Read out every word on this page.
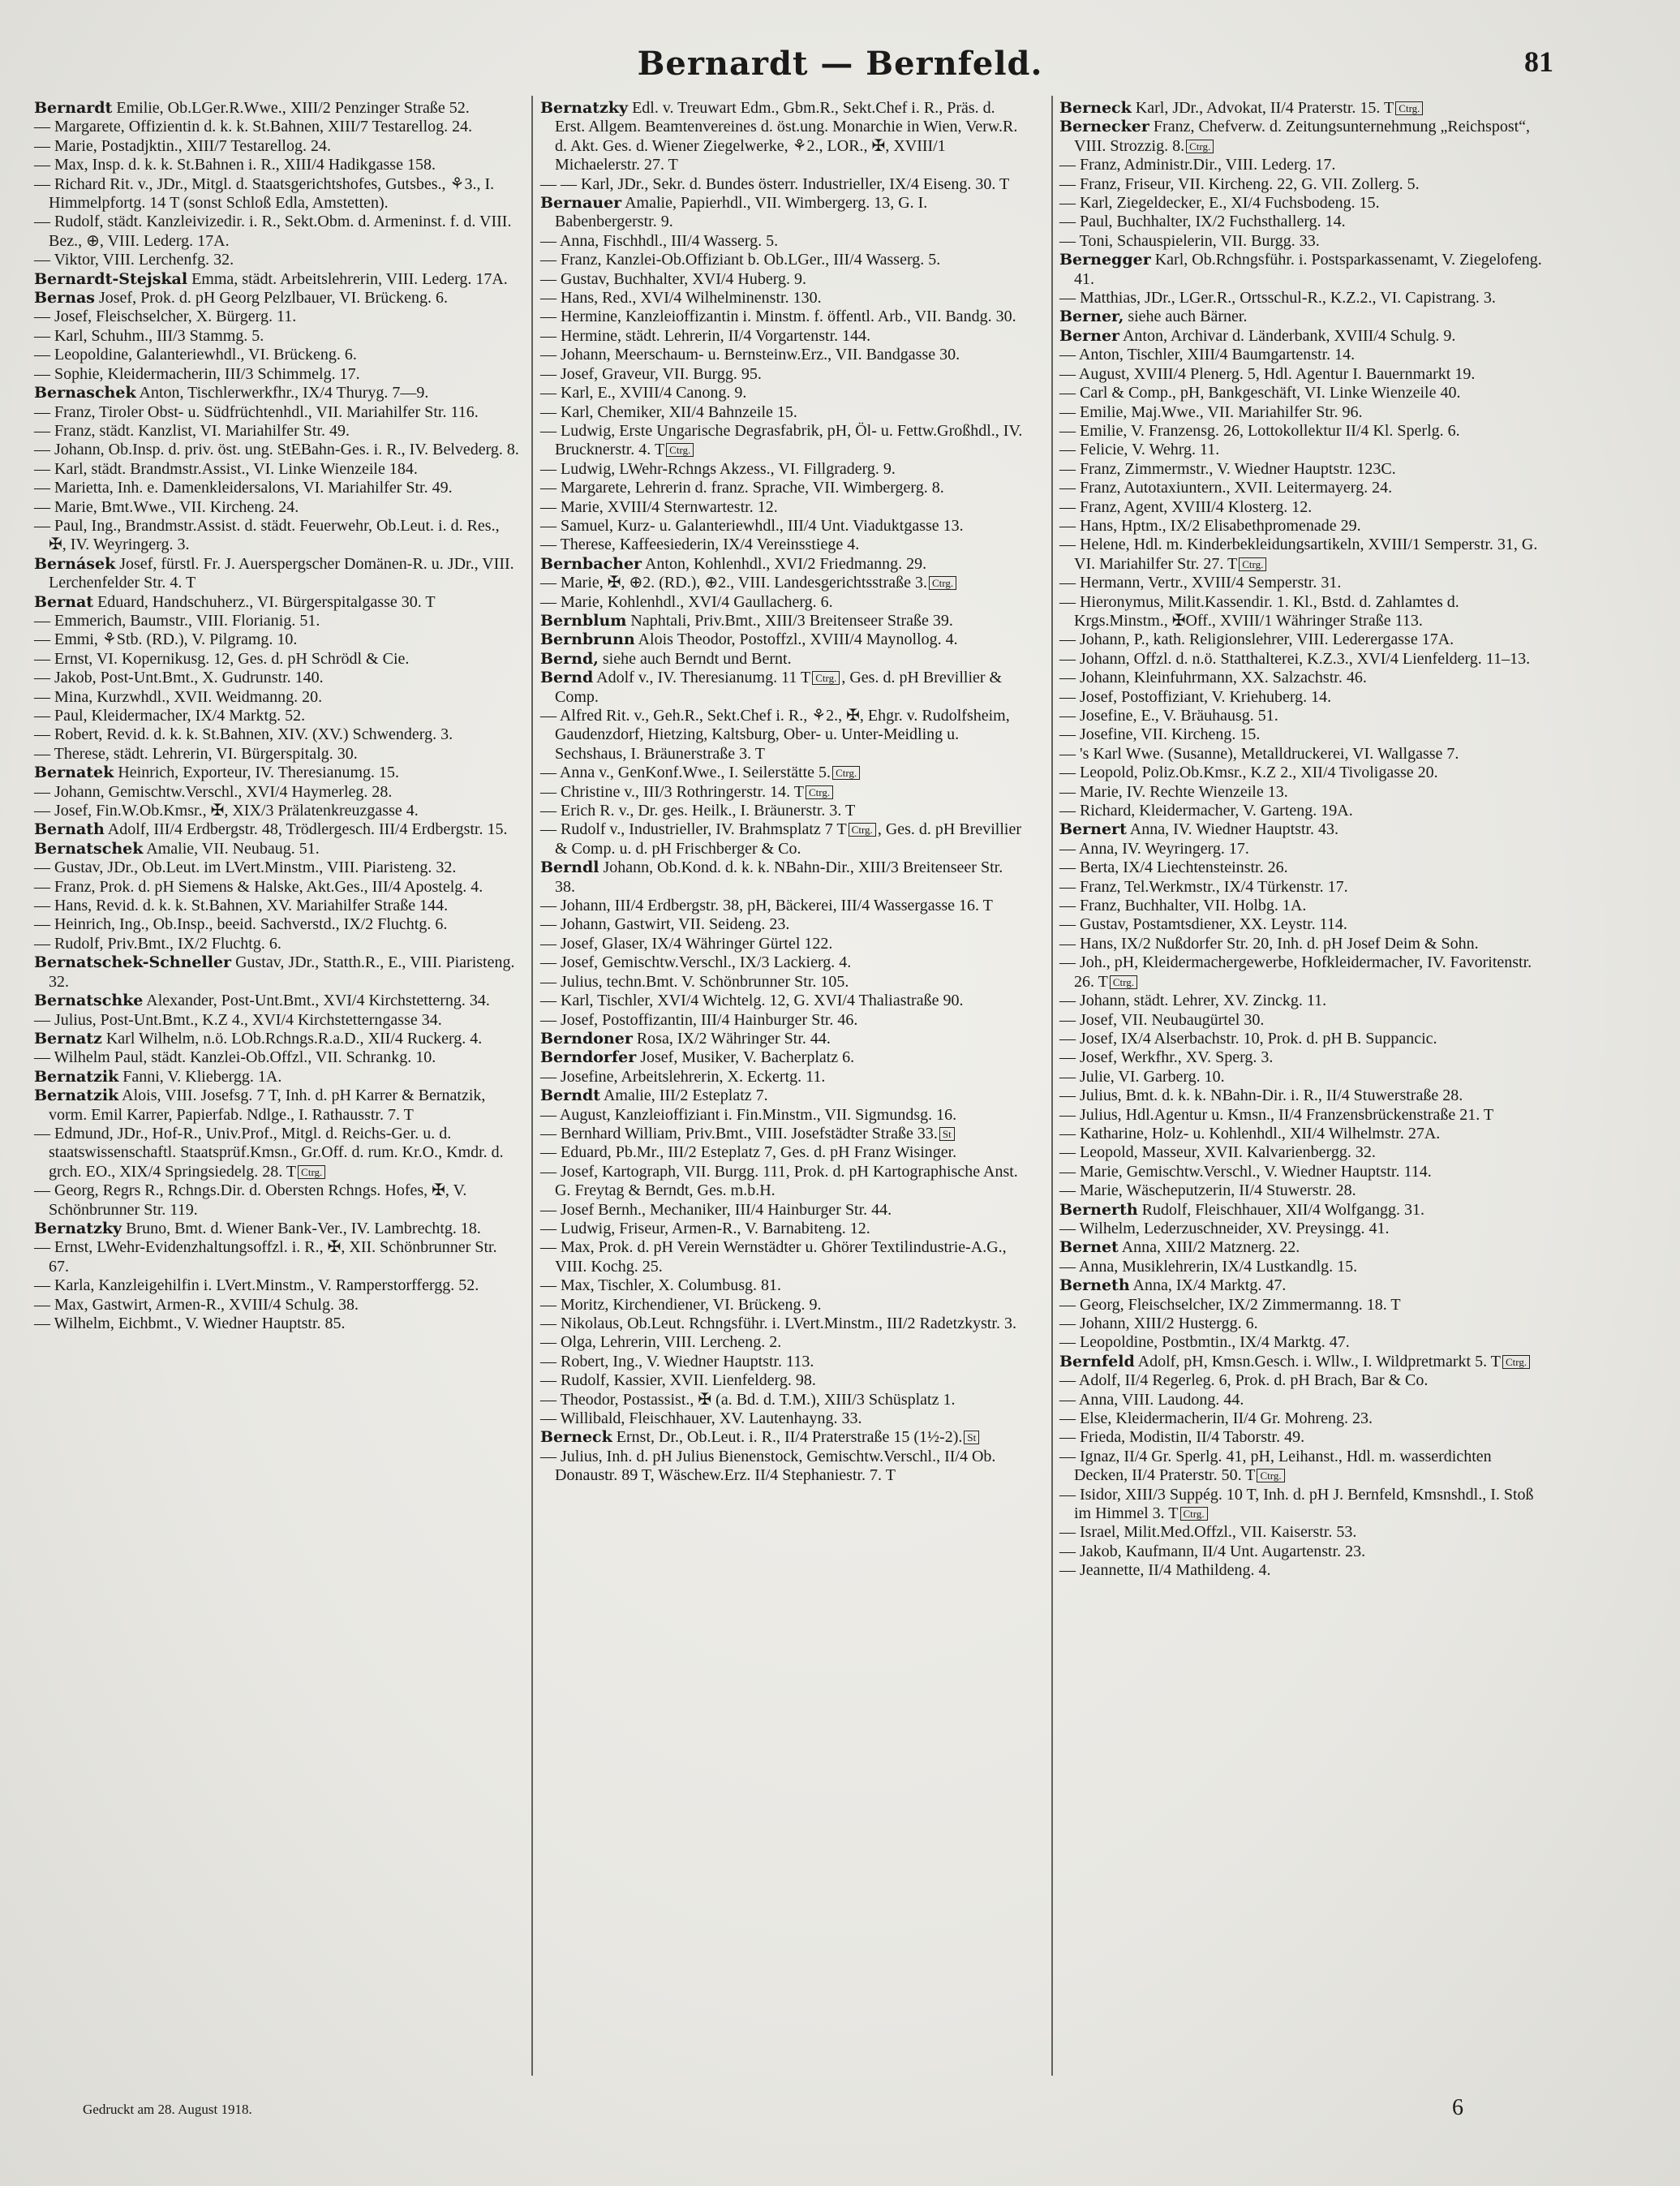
Bernardt — Bernfeld.	81
Bernardt Emilie, Ob.LGer.R.Wwe., XIII/2 Penzinger Straße 52.
— Margarete, Offizientin d. k. k. St.Bahnen, XIII/7 Testarellog. 24.
— Marie, Postadjktin., XIII/7 Testarellog. 24.
— Max, Insp. d. k. k. St.Bahnen i. R., XIII/4 Hadikgasse 158.
— Richard Rit. v., JDr., Mitgl. d. Staatsgerichtshofes, Gutsbes., ⚘3., I. Himmelpfortg. 14 T (sonst Schloß Edla, Amstetten).
— Rudolf, städt. Kanzleivizedir. i. R., Sekt.Obm. d. Armeninst. f. d. VIII. Bez., ⊕, VIII. Lederg. 17A.
— Viktor, VIII. Lerchenfg. 32.
Bernardt-Stejskal Emma, städt. Arbeitslehrerin, VIII. Lederg. 17A.
Bernas Josef, Prok. d. pH Georg Pelzlbauer, VI. Brückeng. 6.
— Josef, Fleischselcher, X. Bürgerg. 11.
— Karl, Schuhm., III/3 Stammg. 5.
— Leopoldine, Galanteriewhdl., VI. Brückeng. 6.
— Sophie, Kleidermacherin, III/3 Schimmelg. 17.
Bernaschek Anton, Tischlerwerkfhr., IX/4 Thuryg. 7—9.
— Franz, Tiroler Obst- u. Südfrüchtenhdl., VII. Mariahilfer Str. 116.
— Franz, städt. Kanzlist, VI. Mariahilfer Str. 49.
— Johann, Ob.Insp. d. priv. öst. ung. StEBahn-Ges. i. R., IV. Belvederg. 8.
— Karl, städt. Brandmstr.Assist., VI. Linke Wienzeile 184.
— Marietta, Inh. e. Damenkleidersalons, VI. Mariahilfer Str. 49.
— Marie, Bmt.Wwe., VII. Kircheng. 24.
— Paul, Ing., Brandmstr.Assist. d. städt. Feuerwehr, Ob.Leut. i. d. Res., ✠, IV. Weyringerg. 3.
Bernásek Josef, fürstl. Fr. J. Auerspergscher Domänen-R. u. JDr., VIII. Lerchenfelder Str. 4. T
Bernat Eduard, Handschuherz., VI. Bürgerspitalgasse 30. T
— Emmerich, Baumstr., VIII. Florianig. 51.
— Emmi, ⚘Stb. (RD.), V. Pilgramg. 10.
— Ernst, VI. Kopernikusg. 12, Ges. d. pH Schrödl & Cie.
— Jakob, Post-Unt.Bmt., X. Gudrunstr. 140.
— Mina, Kurzwhdl., XVII. Weidmanng. 20.
— Paul, Kleidermacher, IX/4 Marktg. 52.
— Robert, Revid. d. k. k. St.Bahnen, XIV. (XV.) Schwenderg. 3.
— Therese, städt. Lehrerin, VI. Bürgerspitalg. 30.
Bernatek Heinrich, Exporteur, IV. Theresianumg. 15.
— Johann, Gemischtw.Verschl., XVI/4 Haymerleg. 28.
— Josef, Fin.W.Ob.Kmsr., ✠, XIX/3 Prälatenkreuzgasse 4.
Bernath Adolf, III/4 Erdbergstr. 48, Trödlergesch. III/4 Erdbergstr. 15.
Bernatschek Amalie, VII. Neubaug. 51.
— Gustav, JDr., Ob.Leut. im LVert.Minstm., VIII. Piaristeng. 32.
— Franz, Prok. d. pH Siemens & Halske, Akt.Ges., III/4 Apostelg. 4.
— Hans, Revid. d. k. k. St.Bahnen, XV. Mariahilfer Straße 144.
— Heinrich, Ing., Ob.Insp., beeid. Sachverstd., IX/2 Fluchtg. 6.
— Rudolf, Priv.Bmt., IX/2 Fluchtg. 6.
Bernatschek-Schneller Gustav, JDr., Statth.R., E., VIII. Piaristeng. 32.
Bernatschke Alexander, Post-Unt.Bmt., XVI/4 Kirchstetterng. 34.
— Julius, Post-Unt.Bmt., K.Z 4., XVI/4 Kirchstetterngasse 34.
Bernatz Karl Wilhelm, n.ö. LOb.Rchngs.R.a.D., XII/4 Ruckerg. 4.
— Wilhelm Paul, städt. Kanzlei-Ob.Offzl., VII. Schrankg. 10.
Bernatzik Fanni, V. Kliebergg. 1A.
Bernatzik Alois, VIII. Josefsg. 7 T, Inh. d. pH Karrer & Bernatzik, vorm. Emil Karrer, Papierfab. Ndlge., I. Rathausstr. 7. T
— Edmund, JDr., Hof-R., Univ.Prof., Mitgl. d. Reichs-Ger. u. d. staatswissenschaftl. Staatsprüf.Kmsn., Gr.Off. d. rum. Kr.O., Kmdr. d. grch. EO., XIX/4 Springsiedelg. 28. T Ctrg.
— Georg, Regrs R., Rchngs.Dir. d. Obersten Rchngs. Hofes, ✠, V. Schönbrunner Str. 119.
Bernatzky Bruno, Bmt. d. Wiener Bank-Ver., IV. Lambrechtg. 18.
— Ernst, LWehr-Evidenzhaltungsoffzl. i. R., ✠, XII. Schönbrunner Str. 67.
— Karla, Kanzleigehilfin i. LVert.Minstm., V. Ramperstorffergg. 52.
— Max, Gastwirt, Armen-R., XVIII/4 Schulg. 38.
— Wilhelm, Eichbmt., V. Wiedner Hauptstr. 85.
Bernatzky Edl. v. Treuwart Edm., Gbm.R., Sekt.Chef i. R., Präs. d. Erst. Allgem. Beamtenvereines d. öst.ung. Monarchie in Wien, Verw.R. d. Akt. Ges. d. Wiener Ziegelwerke, ⚘2., LOR., ✠, XVIII/1 Michaelerstr. 27. T
— — Karl, JDr., Sekr. d. Bundes österr. Industrieller, IX/4 Eiseng. 30. T
Bernauer Amalie, Papierhdl., VII. Wimbergerg. 13, G. I. Babenbergerstr. 9.
— Anna, Fischhdl., III/4 Wasserg. 5.
— Franz, Kanzlei-Ob.Offiziant b. Ob.LGer., III/4 Wasserg. 5.
— Gustav, Buchhalter, XVI/4 Huberg. 9.
— Hans, Red., XVI/4 Wilhelminenstr. 130.
— Hermine, Kanzleioffizantin i. Minstm. f. öffentl. Arb., VII. Bandg. 30.
— Hermine, städt. Lehrerin, II/4 Vorgartenstr. 144.
— Johann, Meerschaum- u. Bernsteinw.Erz., VII. Bandgasse 30.
— Josef, Graveur, VII. Burgg. 95.
— Karl, E., XVIII/4 Canong. 9.
— Karl, Chemiker, XII/4 Bahnzeile 15.
— Ludwig, Erste Ungarische Degrasfabrik, pH, Öl- u. Fettw.Großhdl., IV. Brucknerstr. 4. T Ctrg.
— Ludwig, LWehr-Rchngs Akzess., VI. Fillgraderg. 9.
— Margarete, Lehrerin d. franz. Sprache, VII. Wimbergerg. 8.
— Marie, XVIII/4 Sternwartestr. 12.
— Samuel, Kurz- u. Galanteriewhdl., III/4 Unt. Viaduktgasse 13.
— Therese, Kaffeesiederin, IX/4 Vereinsstiege 4.
Bernbacher Anton, Kohlenhdl., XVI/2 Friedmanng. 29.
— Marie, ✠, ⊕2. (RD.), ⊕2., VIII. Landesgerichtsstraße 3. Ctrg.
— Marie, Kohlenhdl., XVI/4 Gaullacherg. 6.
Bernblum Naphtali, Priv.Bmt., XIII/3 Breitenseer Straße 39.
Bernbrunn Alois Theodor, Postoffzl., XVIII/4 Maynollog. 4.
Bernd, siehe auch Berndt und Bernt.
Bernd Adolf v., IV. Theresianumg. 11 T Ctrg. , Ges. d. pH Brevillier & Comp.
— Alfred Rit. v., Geh.R., Sekt.Chef i. R., ⚘2., ✠, Ehgr. v. Rudolfsheim, Gaudenzdorf, Hietzing, Kaltsburg, Ober- u. Unter-Meidling u. Sechshaus, I. Bräunerstraße 3. T
— Anna v., GenKonf.Wwe., I. Seilerstätte 5. Ctrg.
— Christine v., III/3 Rothringerstr. 14. T Ctrg.
— Erich R. v., Dr. ges. Heilk., I. Bräunerstr. 3. T
— Rudolf v., Industrieller, IV. Brahmsplatz 7 T Ctrg. , Ges. d. pH Brevillier & Comp. u. d. pH Frischberger & Co.
Berndl Johann, Ob.Kond. d. k. k. NBahn-Dir., XIII/3 Breitenseer Str. 38.
— Johann, III/4 Erdbergstr. 38, pH, Bäckerei, III/4 Wassergasse 16. T
— Johann, Gastwirt, VII. Seideng. 23.
— Josef, Glaser, IX/4 Währinger Gürtel 122.
— Josef, Gemischtw.Verschl., IX/3 Lackierg. 4.
— Julius, techn.Bmt. V. Schönbrunner Str. 105.
— Karl, Tischler, XVI/4 Wichtelg. 12, G. XVI/4 Thaliastraße 90.
— Josef, Postoffizantin, III/4 Hainburger Str. 46.
Berndoner Rosa, IX/2 Währinger Str. 44.
Berndorfer Josef, Musiker, V. Bacherplatz 6.
— Josefine, Arbeitslehrerin, X. Eckertg. 11.
Berndt Amalie, III/2 Esteplatz 7.
— August, Kanzleioffiziant i. Fin.Minstm., VII. Sigmundsg. 16.
— Bernhard William, Priv.Bmt., VIII. Josefstädter Straße 33. St
— Eduard, Pb.Mr., III/2 Esteplatz 7, Ges. d. pH Franz Wisinger.
— Josef, Kartograph, VII. Burgg. 111, Prok. d. pH Kartographische Anst. G. Freytag & Berndt, Ges. m.b.H.
— Josef Bernh., Mechaniker, III/4 Hainburger Str. 44.
— Ludwig, Friseur, Armen-R., V. Barnabiteng. 12.
— Max, Prok. d. pH Verein Wernstädter u. Ghörer Textilindustrie-A.G., VIII. Kochg. 25.
— Max, Tischler, X. Columbusg. 81.
— Moritz, Kirchendiener, VI. Brückeng. 9.
— Nikolaus, Ob.Leut. Rchngsführ. i. LVert.Minstm., III/2 Radetzkystr. 3.
— Olga, Lehrerin, VIII. Lercheng. 2.
— Robert, Ing., V. Wiedner Hauptstr. 113.
— Rudolf, Kassier, XVII. Lienfelderg. 98.
— Theodor, Postassist., ✠ (a. Bd. d. T.M.), XIII/3 Schüsplatz 1.
— Willibald, Fleischhauer, XV. Lautenhayng. 33.
Berneck Ernst, Dr., Ob.Leut. i. R., II/4 Praterstraße 15 (1½-2). St
— Julius, Inh. d. pH Julius Bienenstock, Gemischtw.Verschl., II/4 Ob. Donaustr. 89 T, Wäschew.Erz. II/4 Stephaniestr. 7. T
Berneck Karl, JDr., Advokat, II/4 Praterstr. 15. T Ctrg.
Bernecker Franz, Chefverw. d. Zeitungsunternehmung „Reichspost“, VIII. Strozzig. 8. Ctrg.
— Franz, Administr.Dir., VIII. Lederg. 17.
— Franz, Friseur, VII. Kircheng. 22, G. VII. Zollerg. 5.
— Karl, Ziegeldecker, E., XI/4 Fuchsbodeng. 15.
— Paul, Buchhalter, IX/2 Fuchsthallerg. 14.
— Toni, Schauspielerin, VII. Burgg. 33.
Bernegger Karl, Ob.Rchngsführ. i. Postsparkassenamt, V. Ziegelofeng. 41.
— Matthias, JDr., LGer.R., Ortsschul-R., K.Z.2., VI. Capistrang. 3.
Berner, siehe auch Bärner.
Berner Anton, Archivar d. Länderbank, XVIII/4 Schulg. 9.
— Anton, Tischler, XIII/4 Baumgartenstr. 14.
— August, XVIII/4 Plenerg. 5, Hdl. Agentur I. Bauernmarkt 19.
— Carl & Comp., pH, Bankgeschäft, VI. Linke Wienzeile 40.
— Emilie, Maj.Wwe., VII. Mariahilfer Str. 96.
— Emilie, V. Franzensg. 26, Lottokollektur II/4 Kl. Sperlg. 6.
— Felicie, V. Wehrg. 11.
— Franz, Zimmermstr., V. Wiedner Hauptstr. 123C.
— Franz, Autotaxiuntern., XVII. Leitermayerg. 24.
— Franz, Agent, XVIII/4 Klosterg. 12.
— Hans, Hptm., IX/2 Elisabethpromenade 29.
— Helene, Hdl. m. Kinderbekleidungsartikeln, XVIII/1 Semperstr. 31, G. VI. Mariahilfer Str. 27. T Ctrg.
— Hermann, Vertr., XVIII/4 Semperstr. 31.
— Hieronymus, Milit.Kassendir. 1. Kl., Bstd. d. Zahlamtes d. Krgs.Minstm., ✠Off., XVIII/1 Währinger Straße 113.
— Johann, P., kath. Religionslehrer, VIII. Lederergasse 17A.
— Johann, Offzl. d. n.ö. Statthalterei, K.Z.3., XVI/4 Lienfelderg. 11–13.
— Johann, Kleinfuhrmann, XX. Salzachstr. 46.
— Josef, Postoffiziant, V. Kriehuberg. 14.
— Josefine, E., V. Bräuhausg. 51.
— Josefine, VII. Kircheng. 15.
— 's Karl Wwe. (Susanne), Metalldruckerei, VI. Wallgasse 7.
— Leopold, Poliz.Ob.Kmsr., K.Z 2., XII/4 Tivoligasse 20.
— Marie, IV. Rechte Wienzeile 13.
— Richard, Kleidermacher, V. Garteng. 19A.
Bernert Anna, IV. Wiedner Hauptstr. 43.
— Anna, IV. Weyringerg. 17.
— Berta, IX/4 Liechtensteinstr. 26.
— Franz, Tel.Werkmstr., IX/4 Türkenstr. 17.
— Franz, Buchhalter, VII. Holbg. 1A.
— Gustav, Postamtsdiener, XX. Leystr. 114.
— Hans, IX/2 Nußdorfer Str. 20, Inh. d. pH Josef Deim & Sohn.
— Joh., pH, Kleidermachergewerbe, Hofkleidermacher, IV. Favoritenstr. 26. T Ctrg.
— Johann, städt. Lehrer, XV. Zinckg. 11.
— Josef, VII. Neubaugürtel 30.
— Josef, IX/4 Alserbachstr. 10, Prok. d. pH B. Suppancic.
— Josef, Werkfhr., XV. Sperg. 3.
— Julie, VI. Garberg. 10.
— Julius, Bmt. d. k. k. NBahn-Dir. i. R., II/4 Stuwerstraße 28.
— Julius, Hdl.Agentur u. Kmsn., II/4 Franzensbrückenstraße 21. T
— Katharine, Holz- u. Kohlenhdl., XII/4 Wilhelmstr. 27A.
— Leopold, Masseur, XVII. Kalvarienbergg. 32.
— Marie, Gemischtw.Verschl., V. Wiedner Hauptstr. 114.
— Marie, Wäscheputzerin, II/4 Stuwerstr. 28.
Bernerth Rudolf, Fleischhauer, XII/4 Wolfgangg. 31.
— Wilhelm, Lederzuschneider, XV. Preysingg. 41.
Bernet Anna, XIII/2 Matznerg. 22.
— Anna, Musiklehrerin, IX/4 Lustkandlg. 15.
Berneth Anna, IX/4 Marktg. 47.
— Georg, Fleischselcher, IX/2 Zimmermanng. 18. T
— Johann, XIII/2 Hustergg. 6.
— Leopoldine, Postbmtin., IX/4 Marktg. 47.
Bernfeld Adolf, pH, Kmsn.Gesch. i. Wllw., I. Wildpretmarkt 5. T Ctrg.
— Adolf, II/4 Regerleg. 6, Prok. d. pH Brach, Bar & Co.
— Anna, VIII. Laudong. 44.
— Else, Kleidermacherin, II/4 Gr. Mohreng. 23.
— Frieda, Modistin, II/4 Taborstr. 49.
— Ignaz, II/4 Gr. Sperlg. 41, pH, Leihanst., Hdl. m. wasserdichten Decken, II/4 Praterstr. 50. T Ctrg.
— Isidor, XIII/3 Suppég. 10 T, Inh. d. pH J. Bernfeld, Kmsnshdl., I. Stoß im Himmel 3. T Ctrg.
— Israel, Milit.Med.Offzl., VII. Kaiserstr. 53.
— Jakob, Kaufmann, II/4 Unt. Augartenstr. 23.
— Jeannette, II/4 Mathildeng. 4.
Gedruckt am 28. August 1918.	6
